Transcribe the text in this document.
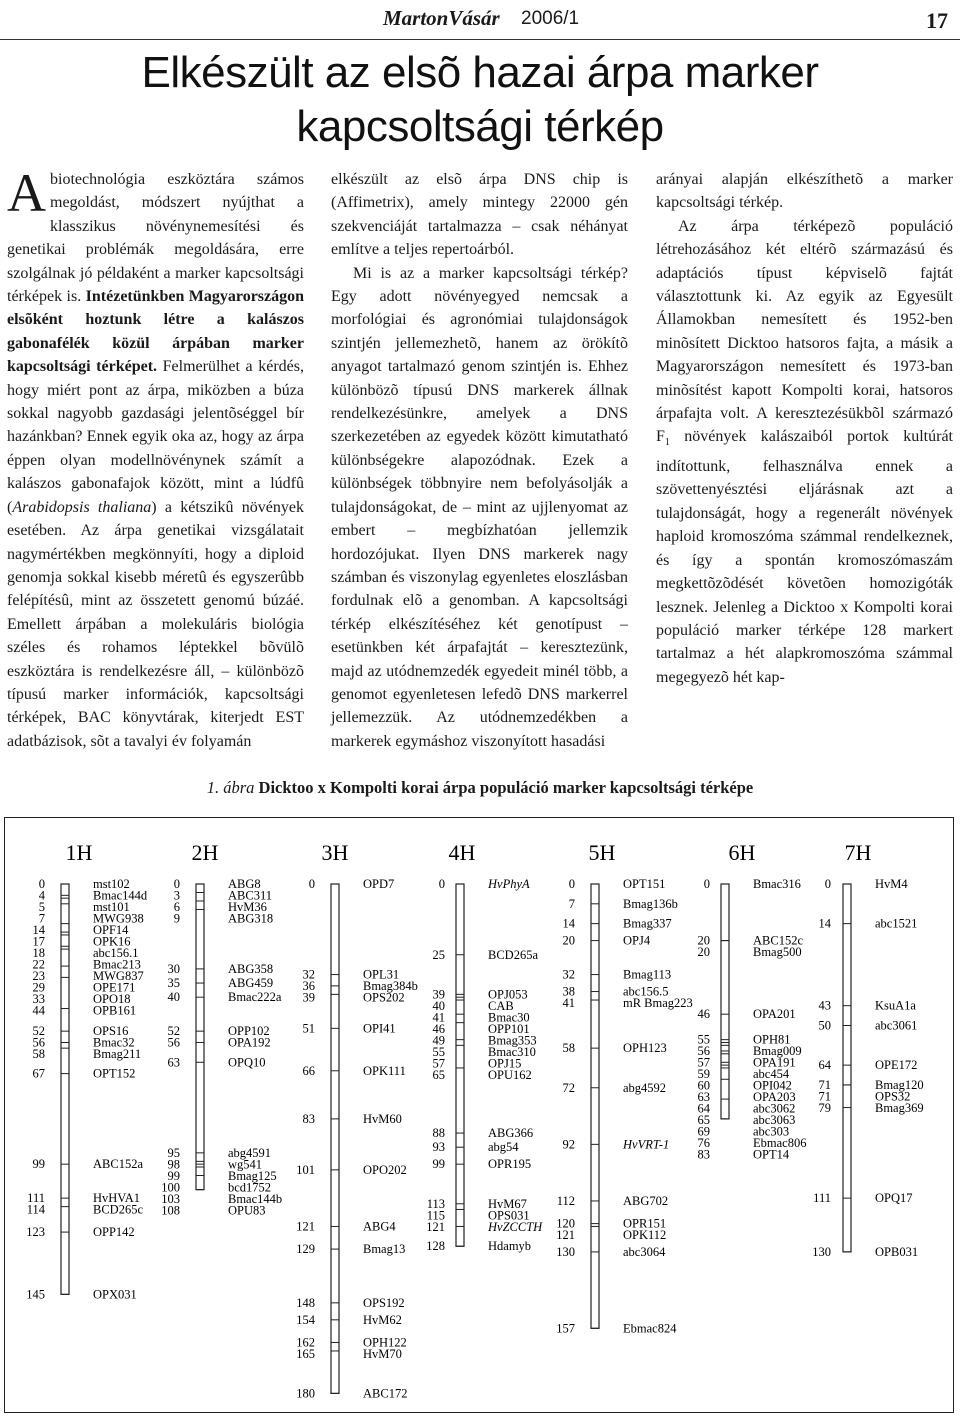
MartonVásár 2006/1	17
Elkészült az elsõ hazai árpa marker
kapcsoltsági térkép

Abiotechnológia eszköztára számos megoldást, módszert nyújthat a klasszikus növénynemesítési és genetikai problémák megoldására, erre szolgálnak jó példaként a marker kapcsoltsági térképek is. Intézetünkben Magyarországon elsõként hoztunk létre a kalászos gabonafélék közül árpában marker kapcsoltsági térképet. Felmerülhet a kérdés, hogy miért pont az árpa, miközben a búza sokkal nagyobb gazdasági jelentõséggel bír hazánkban? Ennek egyik oka az, hogy az árpa éppen olyan modellnövénynek számít a kalászos gabonafajok között, mint a lúdfû (Arabidopsis thaliana) a kétszikû növények esetében. Az árpa genetikai vizsgálatait nagymértékben megkönnyíti, hogy a diploid genomja sokkal kisebb méretû és egyszerûbb felépítésû, mint az összetett genomú búzáé. Emellett árpában a molekuláris biológia széles és rohamos léptekkel bõvülõ eszköztára is rendelkezésre áll, – különbözõ típusú marker információk, kapcsoltsági térképek, BAC könyvtárak, kiterjedt EST adatbázisok, sõt a tavalyi év folyamán

elkészült az elsõ árpa DNS chip is (Affimetrix), amely mintegy 22000 gén szekvenciáját tartalmazza – csak néhányat említve a teljes repertoárból.

Mi is az a marker kapcsoltsági térkép? Egy adott növényegyed nemcsak a morfológiai és agronómiai tulajdonságok szintjén jellemezhetõ, hanem az örökítõ anyagot tartalmazó genom szintjén is. Ehhez különbözõ típusú DNS markerek állnak rendelkezésünkre, amelyek a DNS szerkezetében az egyedek között kimutatható különbségekre alapozódnak. Ezek a különbségek többnyire nem befolyásolják a tulajdonságokat, de – mint az ujjlenyomat az embert – megbízhatóan jellemzik hordozójukat. Ilyen DNS markerek nagy számban és viszonylag egyenletes eloszlásban fordulnak elõ a genomban. A kapcsoltsági térkép elkészítéséhez két genotípust – esetünkben két árpafajtát – keresztezünk, majd az utódnemzedék egyedeit minél több, a genomot egyenletesen lefedõ DNS markerrel jellemezzük. Az utódnemzedékben a markerek egymáshoz viszonyított hasadási

arányai alapján elkészíthetõ a marker kapcsoltsági térkép.

Az árpa térképezõ populáció létrehozásához két eltérõ származású és adaptációs típust képviselõ fajtát választottunk ki. Az egyik az Egyesült Államokban nemesített és 1952-ben minõsített Dicktoo hatsoros fajta, a másik a Magyarországon nemesített és 1973-ban minõsítést kapott Kompolti korai, hatsoros árpafajta volt. A keresztezésükbõl származó $F_1$ növények kalászaiból portok kultúrát indítottunk, felhasználva ennek a szövettenyésztési eljárásnak azt a tulajdonságát, hogy a regenerált növények haploid kromoszóma számmal rendelkeznek, és így a spontán kromoszómaszám megkettõzõdését követõen homozigóták lesznek. Jelenleg a Dicktoo x Kompolti korai populáció marker térképe 128 markert tartalmaz a hét alapkromoszóma számmal megegyezõ hét kap-

1. ábra Dicktoo x Kompolti korai árpa populáció marker kapcsoltsági térképe
1H
0	mst102
4	Bmac144d
5	mst101
7	MWG938
14	OPF14
17	OPK16
18	abc156.1
22	Bmac213
23	MWG837
29	OPE171
33	OPO18
44	OPB161
52	OPS16
56	Bmac32
58	Bmag211
67	OPT152
99	ABC152a
111	HvHVA1
114	BCD265c
123	OPP142
145	OPX031
2H
0	ABG8
3	ABC311
6	HvM36
9	ABG318
30	ABG358
35	ABG459
40	Bmac222a
52	OPP102
56	OPA192
63	OPQ10
95	abg4591
98	wg541
99	Bmag125
100	bcd1752
103	Bmac144b
108	OPU83
3H
0	OPD7
32	OPL31
36	Bmag384b
39	OPS202
51	OPI41
66	OPK111
83	HvM60
101	OPO202
121	ABG4
129	Bmag13
148	OPS192
154	HvM62
162	OPH122
165	HvM70
180	ABC172
4H
0	HvPhyA
25	BCD265a
39	OPJ053
40	CAB
41	Bmac30
46	OPP101
49	Bmag353
55	Bmac310
57	OPJ15
65	OPU162
88	ABG366
93	abg54
99	OPR195
113	HvM67
115	OPS031
121	HvZCCTH
128	Hdamyb
5H
0	OPT151
7	Bmag136b
14	Bmag337
20	OPJ4
32	Bmag113
38	abc156.5
41	mR Bmag223
58	OPH123
72	abg4592
92	HvVRT-1
112	ABG702
120	OPR151
121	OPK112
130	abc3064
157	Ebmac824
6H
0	Bmac316
20	ABC152c
20	Bmag500
46	OPA201
55	OPH81
56	Bmag009
57	OPA191
59	abc454
60	OPI042
63	OPA203
64	abc3062
65	abc3063
69	abc303
76	Ebmac806
83	OPT14
7H
0	HvM4
14	abc1521
43	KsuA1a
50	abc3061
64	OPE172
71	Bmag120
71	OPS32
79	Bmag369
111	OPQ17
130	OPB031
